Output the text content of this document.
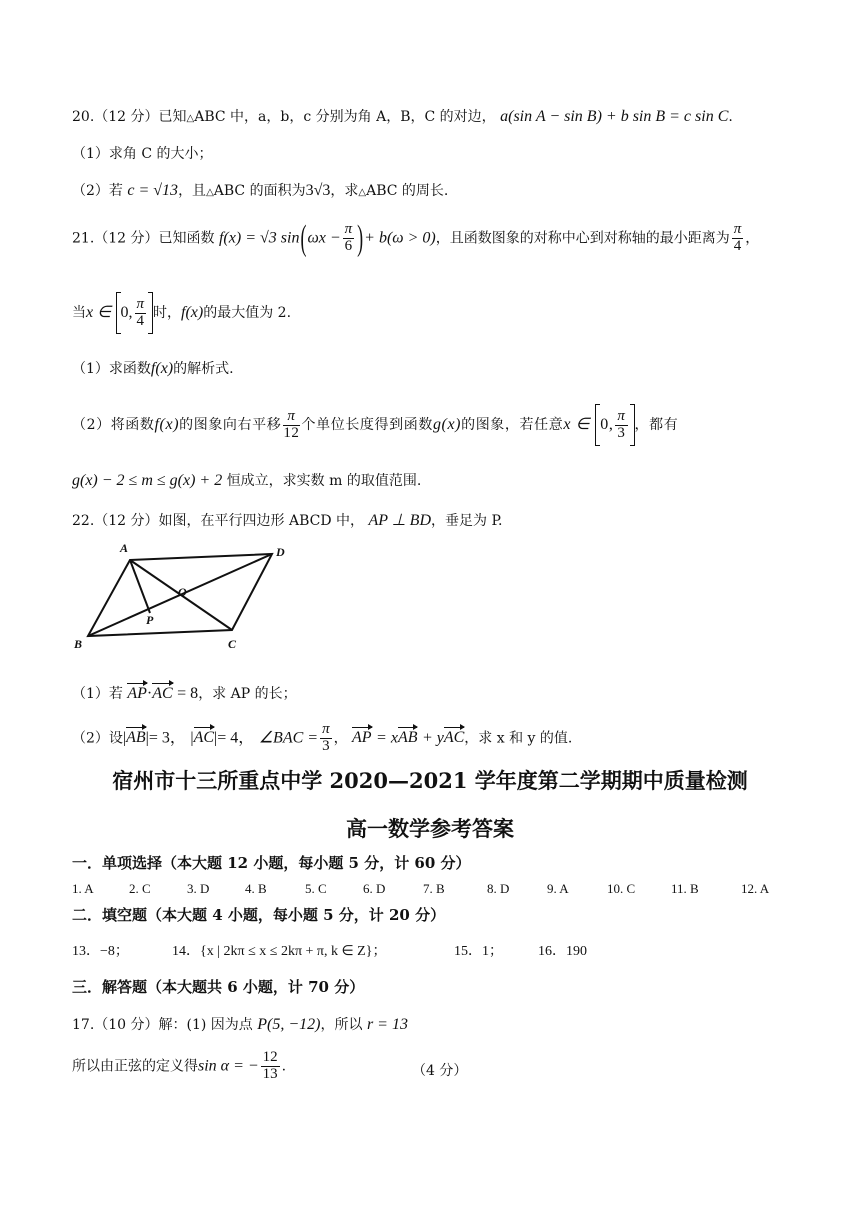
20.（12 分）已知△ABC 中，a，b，c 分别为角 A，B，C 的对边， a(sin A − sin B) + b sin B = c sin C.
（1）求角 C 的大小；
（2）若 c = √13，且△ABC 的面积为3√3，求△ABC 的周长.
21.（12 分）已知函数 f(x) = √3 $\sin(\omega x - \frac{\pi}{6}$ )+ b(ω > 0)，且函数图象的对称中心到对称轴的最小距离为 $\frac{\pi}{4}$ ，
当x ∈ 0, $\frac{\pi}{4}$ 时，f(x)的最大值为 2.
（1）求函数f(x)的解析式.
（2）将函数f(x)的图象向右平移 $\frac{\pi}{12}$ 个单位长度得到函数g(x)的图象，若任意x ∈ 0, $\frac{\pi}{3}$ ，都有
g(x) − 2 ≤ m ≤ g(x) + 2 恒成立，求实数 m 的取值范围.
22.（12 分）如图，在平行四边形 ABCD 中， AP ⊥ BD，垂足为 P.
A	D
O
P
B	C
（1）若 AP·AC = 8，求 AP 的长；
（2）设|AB|= 3， |AC|= 4， ∠BAC = $\frac{\pi}{3}$ ， AP = xAB + yAC，求 x 和 y 的值.
宿州市十三所重点中学 2020—2021 学年度第二学期期中质量检测
高一数学参考答案
一．单项选择（本大题 12 小题，每小题 5 分，计 60 分）
1. A	2. C	3. D	4. B	5. C	6. D	7. B	8. D	9. A	10. C	11. B	12. A
二．填空题（本大题 4 小题，每小题 5 分，计 20 分）
13．−8；	14．{x | 2kπ ≤ x ≤ 2kπ + π, k ∈ Z}；	15．1；	16．190
三．解答题（本大题共 6 小题，计 70 分）
17.（10 分）解：(1) 因为点 P(5, −12)，所以 r = 13
所以由正弦的定义得sin α = − $\frac{12}{13}$ .	（4 分）
